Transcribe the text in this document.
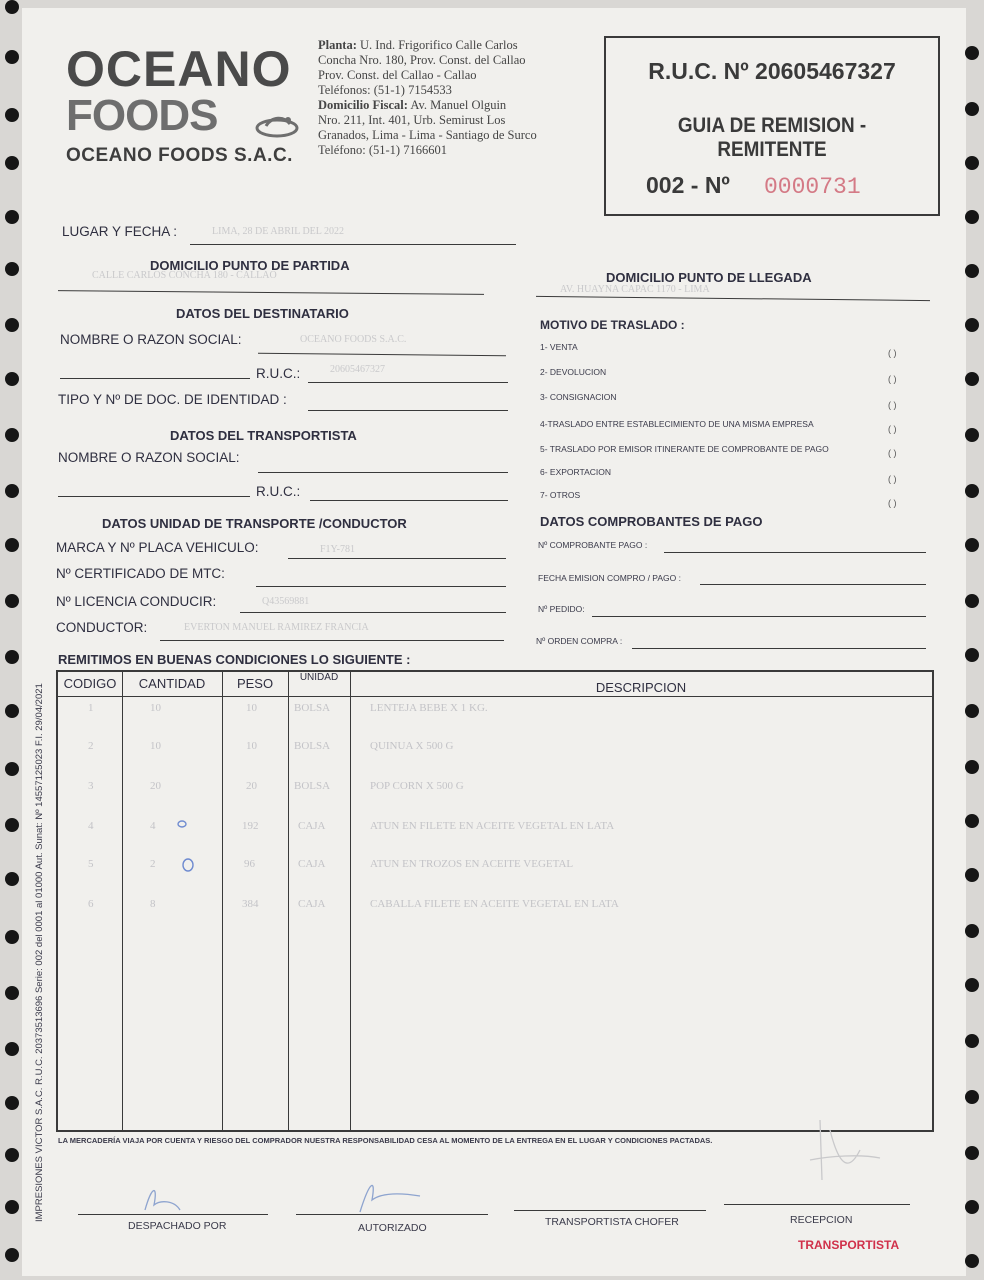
OCEANO
FOODS
OCEANO FOODS S.A.C.
Planta: U. Ind. Frigorifico Calle Carlos
Concha Nro. 180, Prov. Const. del Callao
Prov. Const. del Callao - Callao
Teléfonos: (51-1) 7154533
Domicilio Fiscal: Av. Manuel Olguin
Nro. 211, Int. 401, Urb. Semirust Los
Granados, Lima - Lima - Santiago de Surco
Teléfono: (51-1) 7166601
R.U.C. Nº 20605467327
GUIA DE REMISION - REMITENTE
002 - Nº 0000731
LUGAR Y FECHA :	LIMA, 28 DE ABRIL DEL 2022
DOMICILIO PUNTO DE PARTIDA
CALLE CARLOS CONCHA 180 - CALLAO
DATOS DEL DESTINATARIO
NOMBRE O RAZON SOCIAL:	OCEANO FOODS S.A.C.
R.U.C.:	20605467327
TIPO Y Nº DE DOC. DE IDENTIDAD :
DATOS DEL TRANSPORTISTA
NOMBRE O RAZON SOCIAL:
R.U.C.:
DATOS UNIDAD DE TRANSPORTE /CONDUCTOR
MARCA Y Nº PLACA VEHICULO:	F1Y-781
Nº CERTIFICADO DE MTC:
Nº LICENCIA CONDUCIR:	Q43569881
CONDUCTOR:	EVERTON MANUEL RAMIREZ FRANCIA
DOMICILIO PUNTO DE LLEGADA
AV. HUAYNA CAPAC 1170 - LIMA
MOTIVO DE TRASLADO :
1- VENTA
( )
2- DEVOLUCION
( )
3- CONSIGNACION
( )
4-TRASLADO ENTRE ESTABLECIMIENTO DE UNA MISMA EMPRESA	( )
5- TRASLADO POR EMISOR ITINERANTE DE COMPROBANTE DE PAGO	( )
6- EXPORTACION
( )
7- OTROS
( )
DATOS COMPROBANTES DE PAGO
Nº COMPROBANTE PAGO :
FECHA EMISION COMPRO / PAGO :
Nº PEDIDO:
Nº ORDEN COMPRA :
REMITIMOS EN BUENAS CONDICIONES LO SIGUIENTE :
CODIGO	CANTIDAD	PESO	UNIDAD
DESCRIPCION
1	10	10	BOLSA	LENTEJA BEBE X 1 KG.
2	10	10	BOLSA	QUINUA X 500 G
3	20	20	BOLSA	POP CORN X 500 G
4	4	192	CAJA	ATUN EN FILETE EN ACEITE VEGETAL EN LATA
5	2	96	CAJA	ATUN EN TROZOS EN ACEITE VEGETAL
6	8	384	CAJA	CABALLA FILETE EN ACEITE VEGETAL EN LATA
LA MERCADERÍA VIAJA POR CUENTA Y RIESGO DEL COMPRADOR NUESTRA RESPONSABILIDAD CESA AL MOMENTO DE LA ENTREGA EN EL LUGAR Y CONDICIONES PACTADAS.
DESPACHADO POR	AUTORIZADO	TRANSPORTISTA CHOFER	RECEPCION
TRANSPORTISTA
IMPRESIONES VICTOR S.A.C. R.U.C. 20373513696 Serie: 002 del 0001 al 01000 Aut. Sunat: Nº 14557125023 F.I. 29/04/2021
